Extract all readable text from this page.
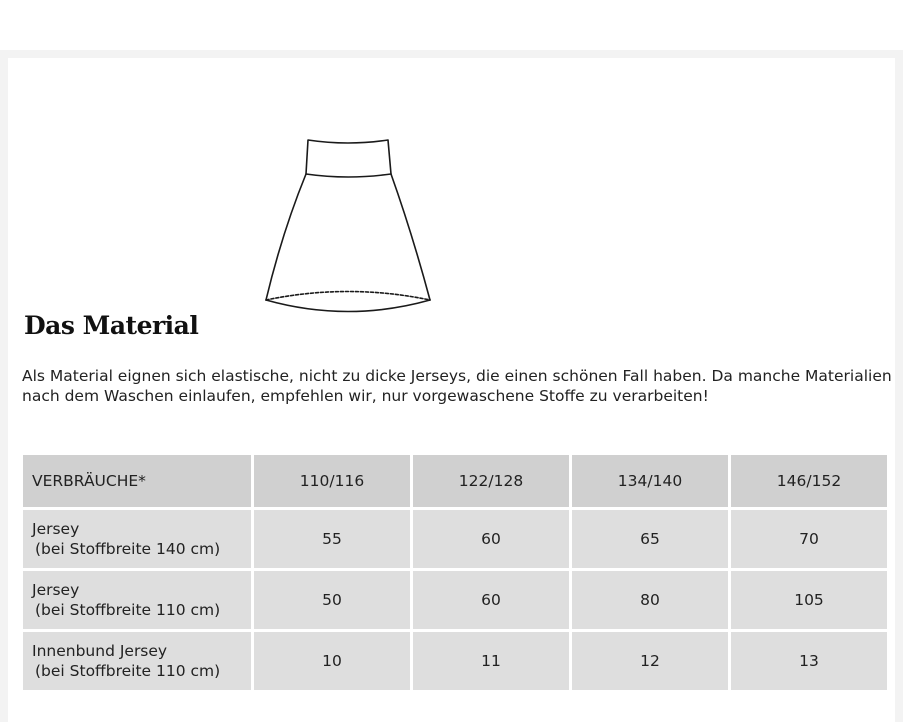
Das Material

Als Material eignen sich elastische, nicht zu dicke Jerseys, die einen schönen Fall haben. Da manche Materialien nach dem Waschen einlaufen, empfehlen wir, nur vorgewaschene Stoffe zu verarbeiten!

VERBRÄUCHE*	110/116	122/128	134/140	146/152
Jersey
(bei Stoffbreite 140 cm)	55	60	65	70
Jersey
(bei Stoffbreite 110 cm)	50	60	80	105
Innenbund Jersey
(bei Stoffbreite 110 cm)	10	11	12	13
